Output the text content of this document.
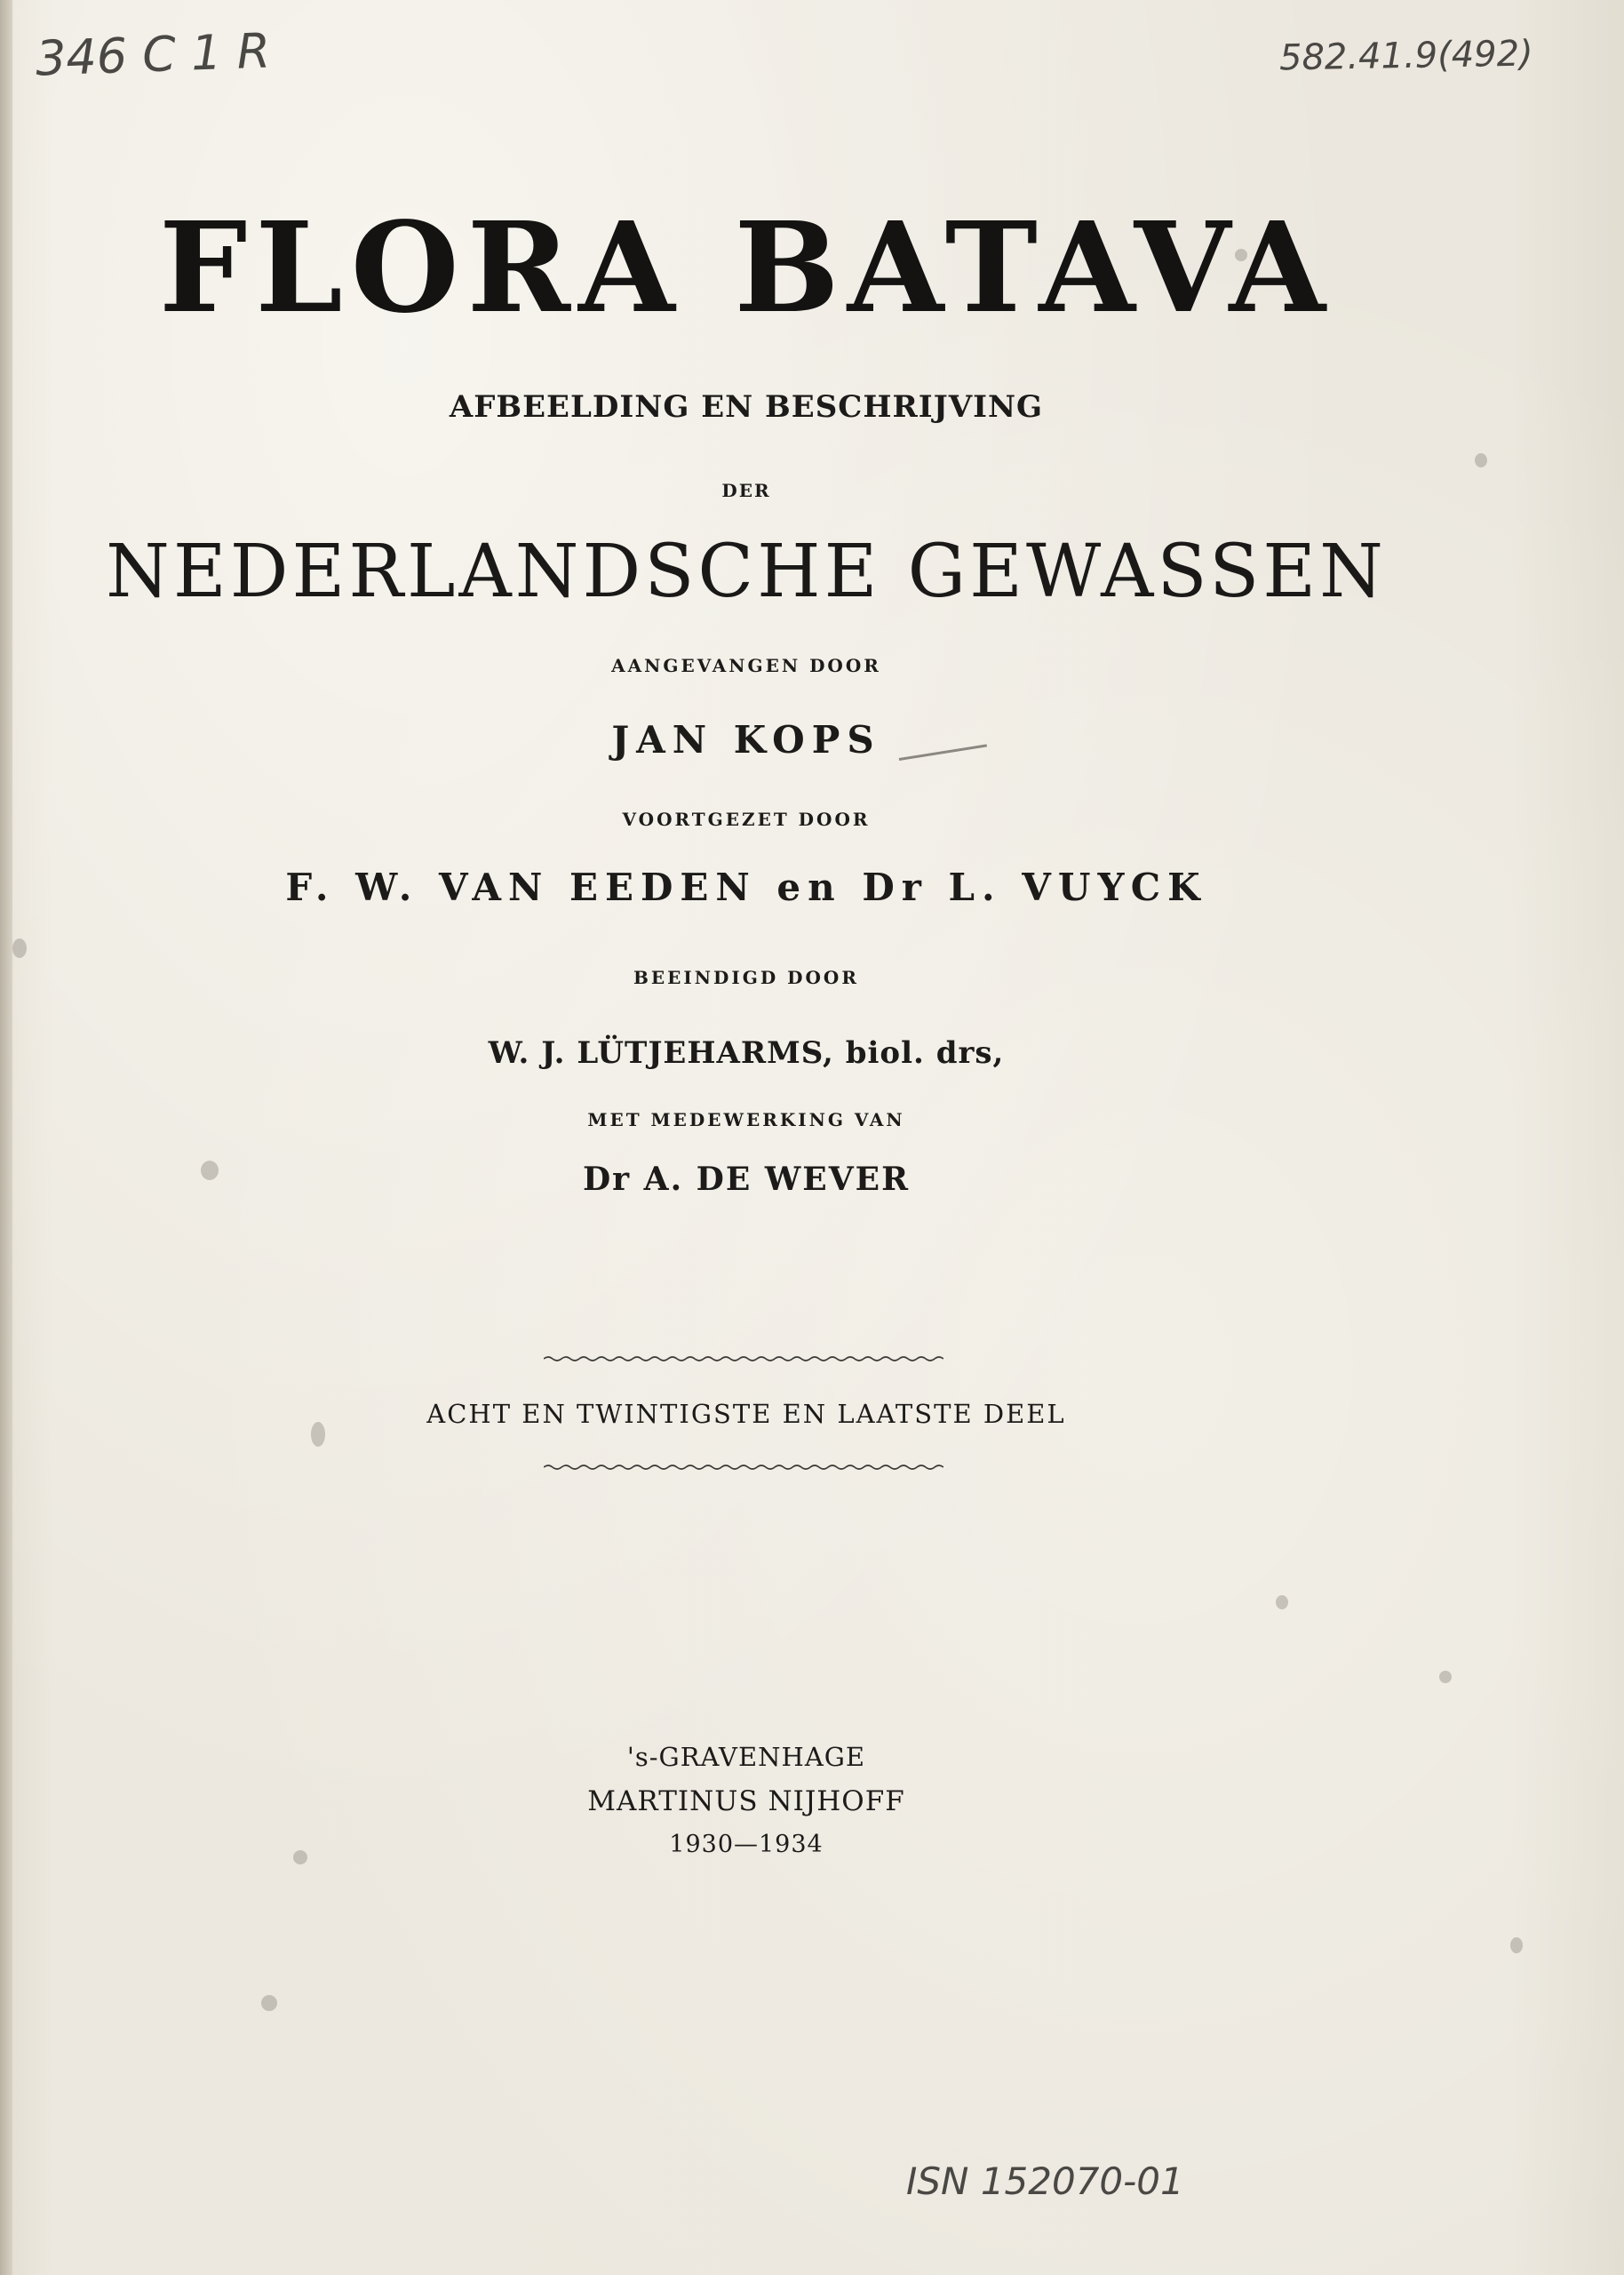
346 C 1 R	582.41.9(492)
FLORA BATAVA
AFBEELDING EN BESCHRIJVING
DER
NEDERLANDSCHE GEWASSEN
AANGEVANGEN DOOR
JAN KOPS
VOORTGEZET DOOR
F. W. VAN EEDEN en Dr L. VUYCK
BEEINDIGD DOOR
W. J. LÜTJEHARMS, biol. drs,
MET MEDEWERKING VAN
Dr A. DE WEVER
ACHT EN TWINTIGSTE EN LAATSTE DEEL
's-GRAVENHAGE
MARTINUS NIJHOFF
1930—1934
ISN 152070-01
